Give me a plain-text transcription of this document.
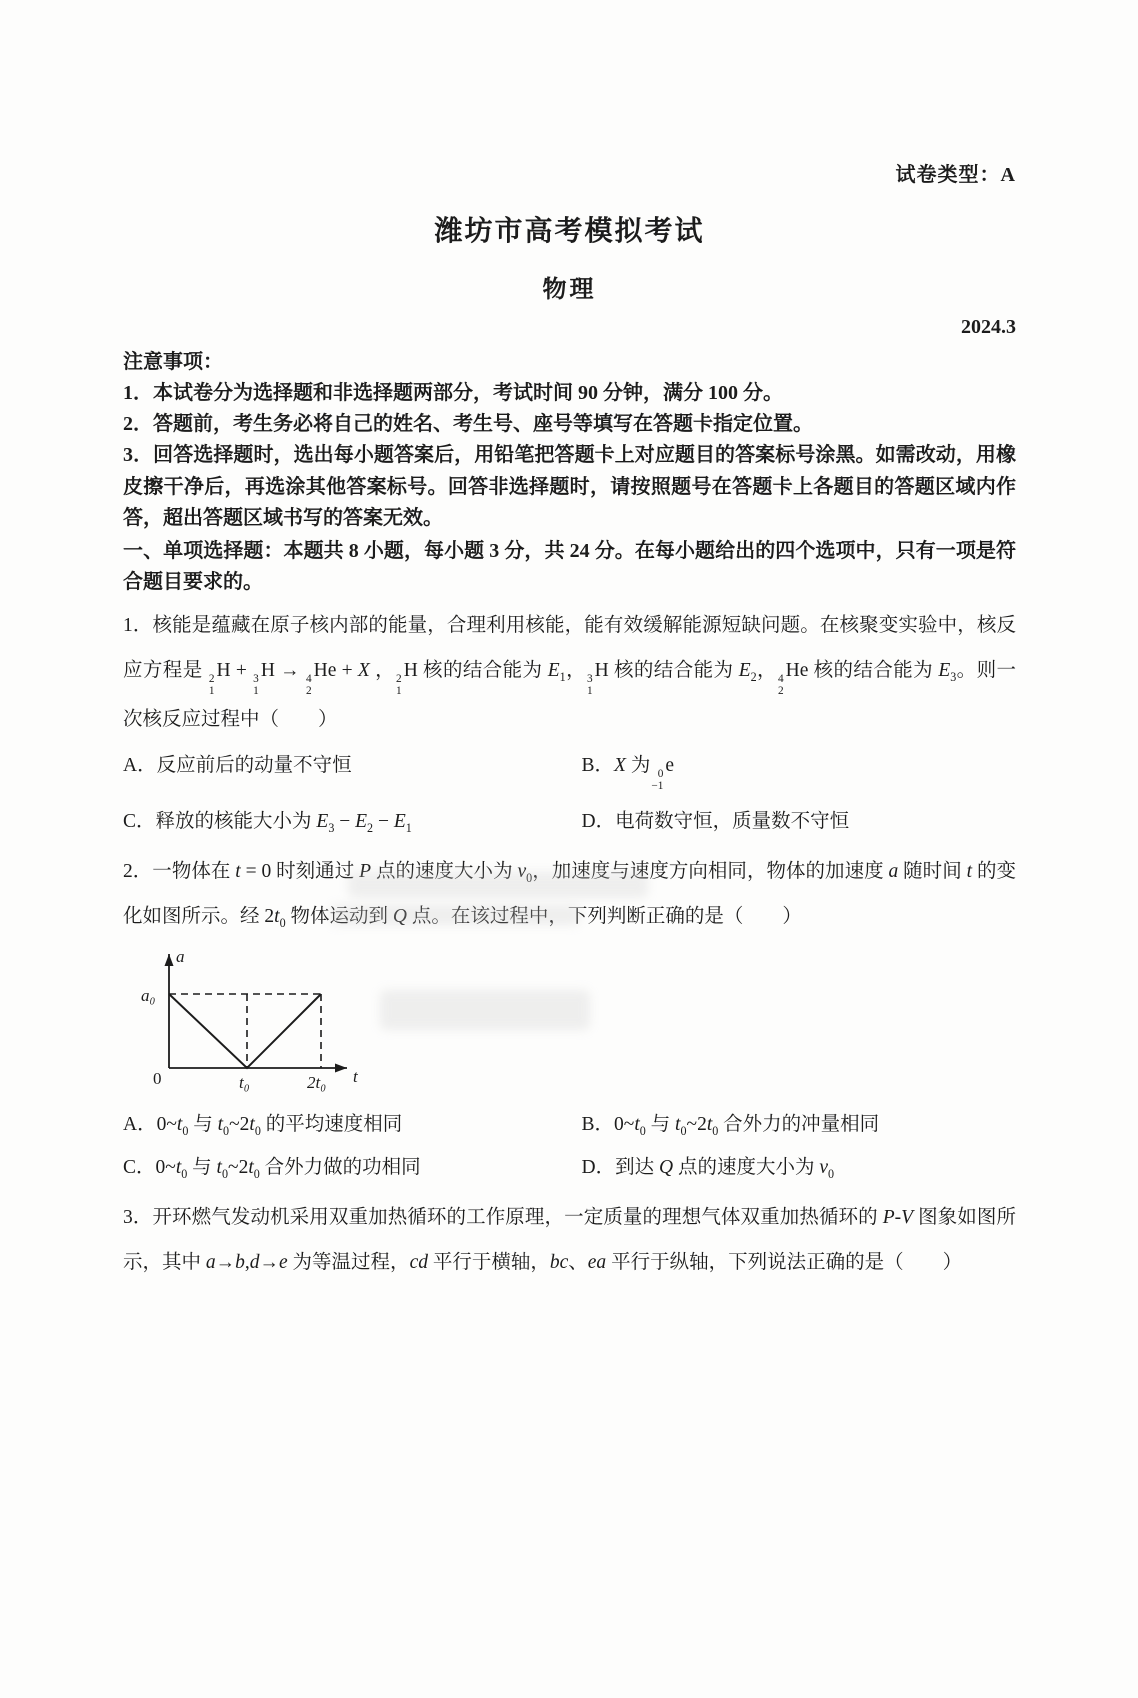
试卷类型：A
潍坊市高考模拟考试
物理
2024.3
注意事项：

1．本试卷分为选择题和非选择题两部分，考试时间 90 分钟，满分 100 分。

2．答题前，考生务必将自己的姓名、考生号、座号等填写在答题卡指定位置。

3．回答选择题时，选出每小题答案后，用铅笔把答题卡上对应题目的答案标号涂黑。如需改动，用橡皮擦干净后，再选涂其他答案标号。回答非选择题时，请按照题号在答题卡上各题目的答题区域内作答，超出答题区域书写的答案无效。

一、单项选择题：本题共 8 小题，每小题 3 分，共 24 分。在每小题给出的四个选项中，只有一项是符合题目要求的。

1．核能是蕴藏在原子核内部的能量，合理利用核能，能有效缓解能源短缺问题。在核聚变实验中，核反应方程是 2
1
H + 3
1
H → 4
2
He + X ， 2
1
H 核的结合能为 $E_1$， 3
1
H 核的结合能为 $E_2$， 4
2
He 核的结合能为 $E_3$。则一次核反应过程中（  ）

A．反应前后的动量不守恒	B．X 为 0
−1
e

C．释放的核能大小为 $E_3 - E_2 - E_1$	D．电荷数守恒，质量数不守恒

2．一物体在 t = 0 时刻通过 P 点的速度大小为 $v_0$，加速度与速度方向相同，物体的加速度 a 随时间 t 的变化如图所示。经 $2t_0$ 物体运动到 Q 点。在该过程中，下列判断正确的是（  ）

a
a₀
0	t₀	2t₀ t

A．$0\sim t_0$ 与 $t_0\sim 2t_0$ 的平均速度相同	B．$0\sim t_0$ 与 $t_0\sim 2t_0$ 合外力的冲量相同

C．$0\sim t_0$ 与 $t_0\sim 2t_0$ 合外力做的功相同	D．到达 Q 点的速度大小为 $v_0$

3．开环燃气发动机采用双重加热循环的工作原理，一定质量的理想气体双重加热循环的 P-V 图象如图所示，其中 a→b,d→e 为等温过程，cd 平行于横轴，bc、ea 平行于纵轴，下列说法正确的是（  ）
